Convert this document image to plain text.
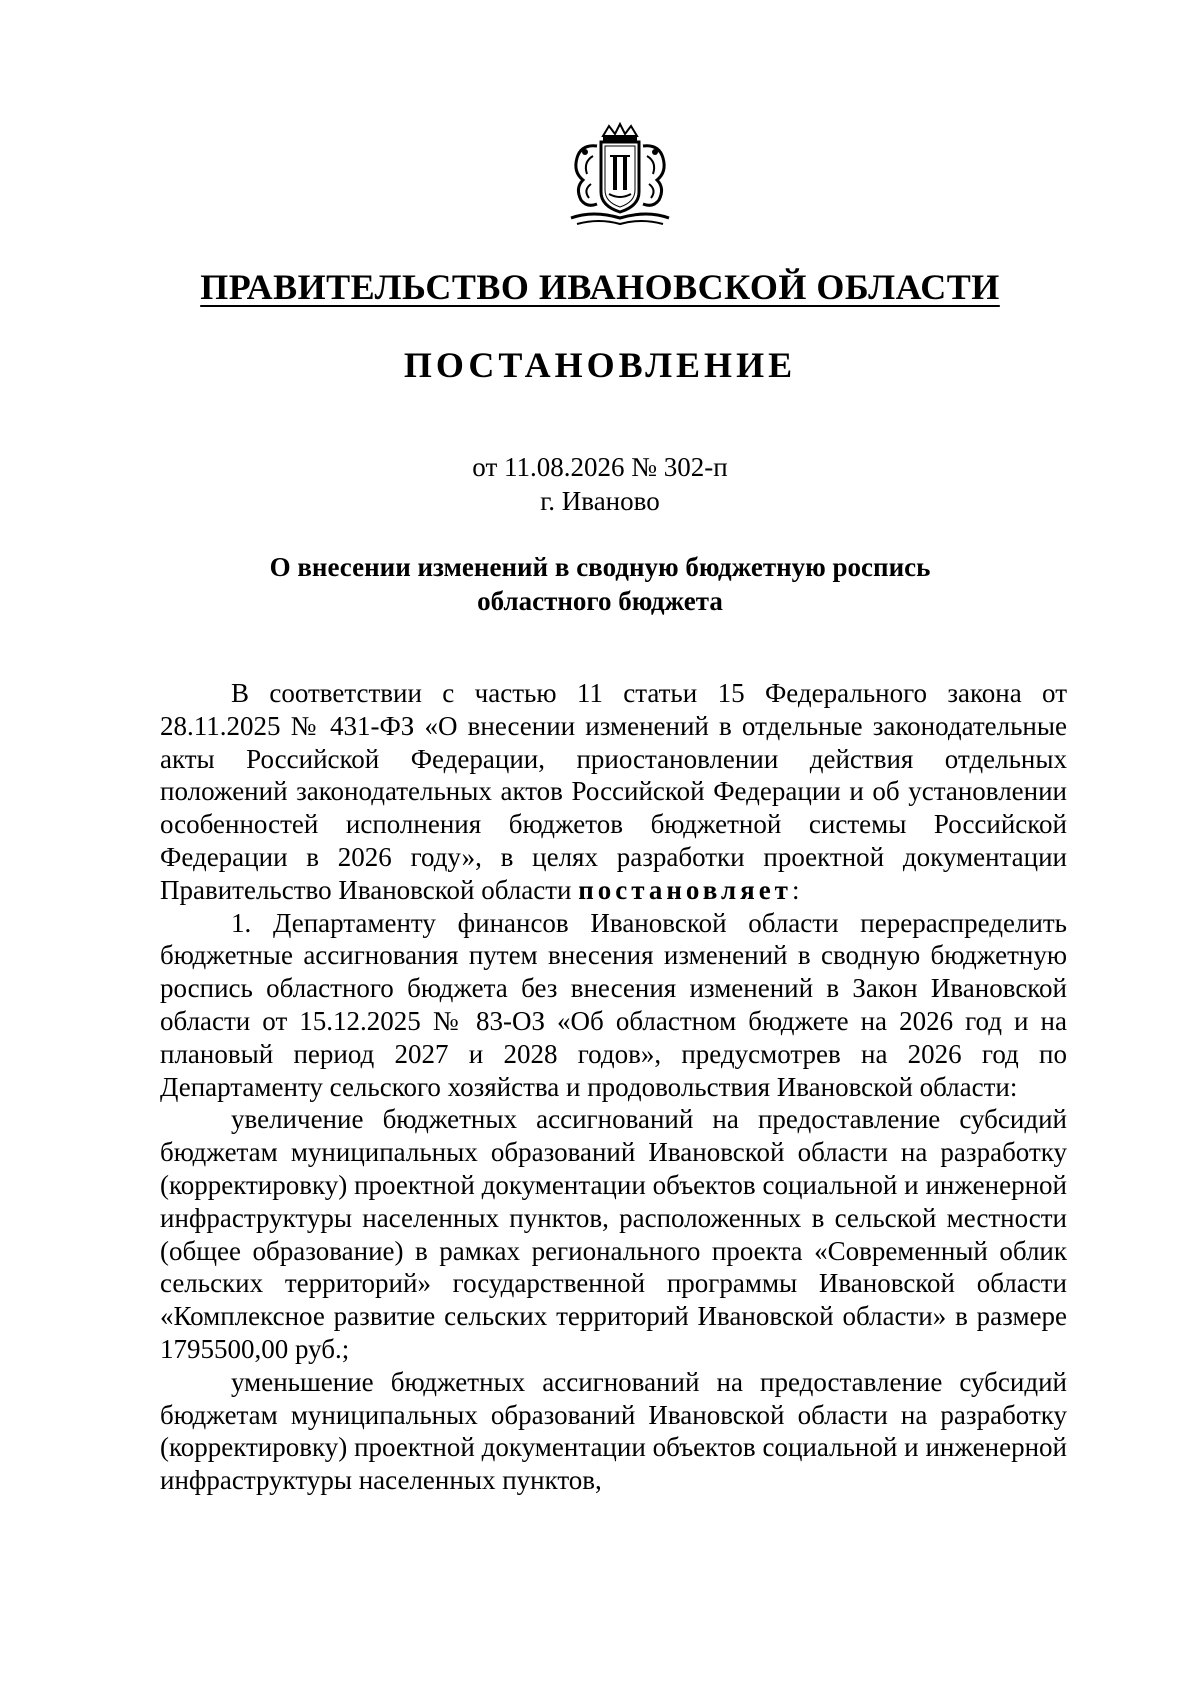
ПРАВИТЕЛЬСТВО ИВАНОВСКОЙ ОБЛАСТИ
ПОСТАНОВЛЕНИЕ
от 11.08.2026 № 302-п
г. Иваново
О внесении изменений в сводную бюджетную роспись
областного бюджета

В соответствии с частью 11 статьи 15 Федерального закона от 28.11.2025 № 431-ФЗ «О внесении изменений в отдельные законодательные акты Российской Федерации, приостановлении действия отдельных положений законодательных актов Российской Федерации и об установлении особенностей исполнения бюджетов бюджетной системы Российской Федерации в 2026 году», в целях разработки проектной документации Правительство Ивановской области постановляет:

1. Департаменту финансов Ивановской области перераспределить бюджетные ассигнования путем внесения изменений в сводную бюджетную роспись областного бюджета без внесения изменений в Закон Ивановской области от 15.12.2025 № 83-ОЗ «Об областном бюджете на 2026 год и на плановый период 2027 и 2028 годов», предусмотрев на 2026 год по Департаменту сельского хозяйства и продовольствия Ивановской области:

увеличение бюджетных ассигнований на предоставление субсидий бюджетам муниципальных образований Ивановской области на разработку (корректировку) проектной документации объектов социальной и инженерной инфраструктуры населенных пунктов, расположенных в сельской местности (общее образование) в рамках регионального проекта «Современный облик сельских территорий» государственной программы Ивановской области «Комплексное развитие сельских территорий Ивановской области» в размере 1795500,00 руб.;

уменьшение бюджетных ассигнований на предоставление субсидий бюджетам муниципальных образований Ивановской области на разработку (корректировку) проектной документации объектов социальной и инженерной инфраструктуры населенных пунктов,
